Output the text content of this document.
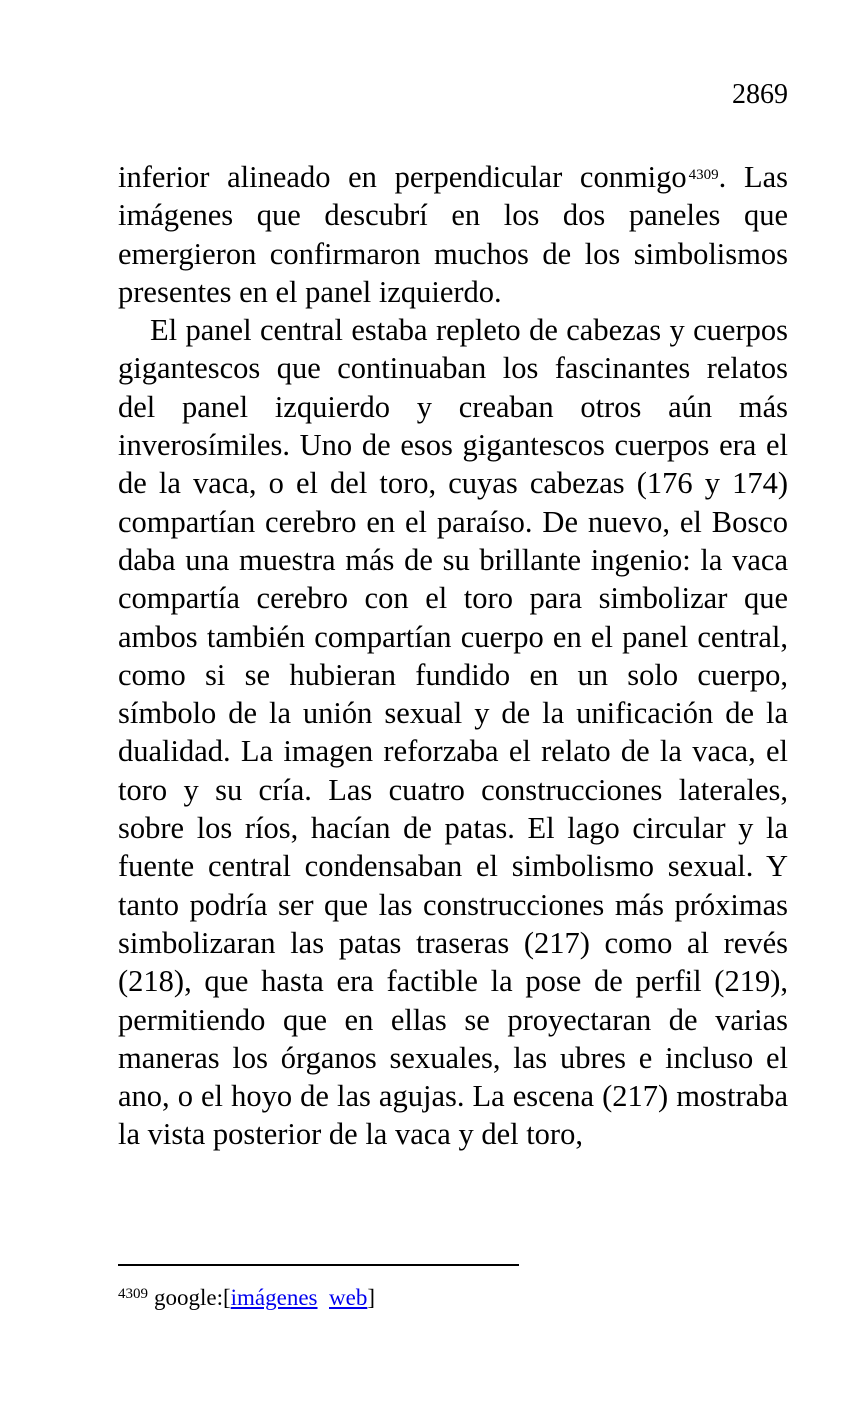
2869

inferior alineado en perpendicular conmigo $^{4309}$. Las imágenes que descubrí en los dos paneles que emergieron confirmaron muchos de los simbolismos presentes en el panel izquierdo.

El panel central estaba repleto de cabezas y cuerpos gigantescos que continuaban los fascinantes relatos del panel izquierdo y creaban otros aún más inverosímiles. Uno de esos gigantescos cuerpos era el de la vaca, o el del toro, cuyas cabezas (176 y 174) compartían cerebro en el paraíso. De nuevo, el Bosco daba una muestra más de su brillante ingenio: la vaca compartía cerebro con el toro para simbolizar que ambos también compartían cuerpo en el panel central, como si se hubieran fundido en un solo cuerpo, símbolo de la unión sexual y de la unificación de la dualidad. La imagen reforzaba el relato de la vaca, el toro y su cría. Las cuatro construcciones laterales, sobre los ríos, hacían de patas. El lago circular y la fuente central condensaban el simbolismo sexual. Y tanto podría ser que las construcciones más próximas simbolizaran las patas traseras (217) como al revés (218), que hasta era factible la pose de perfil (219), permitiendo que en ellas se proyectaran de varias maneras los órganos sexuales, las ubres e incluso el ano, o el hoyo de las agujas. La escena (217) mostraba la vista posterior de la vaca y del toro,

$^{4309}$ google:[imágenes web]
